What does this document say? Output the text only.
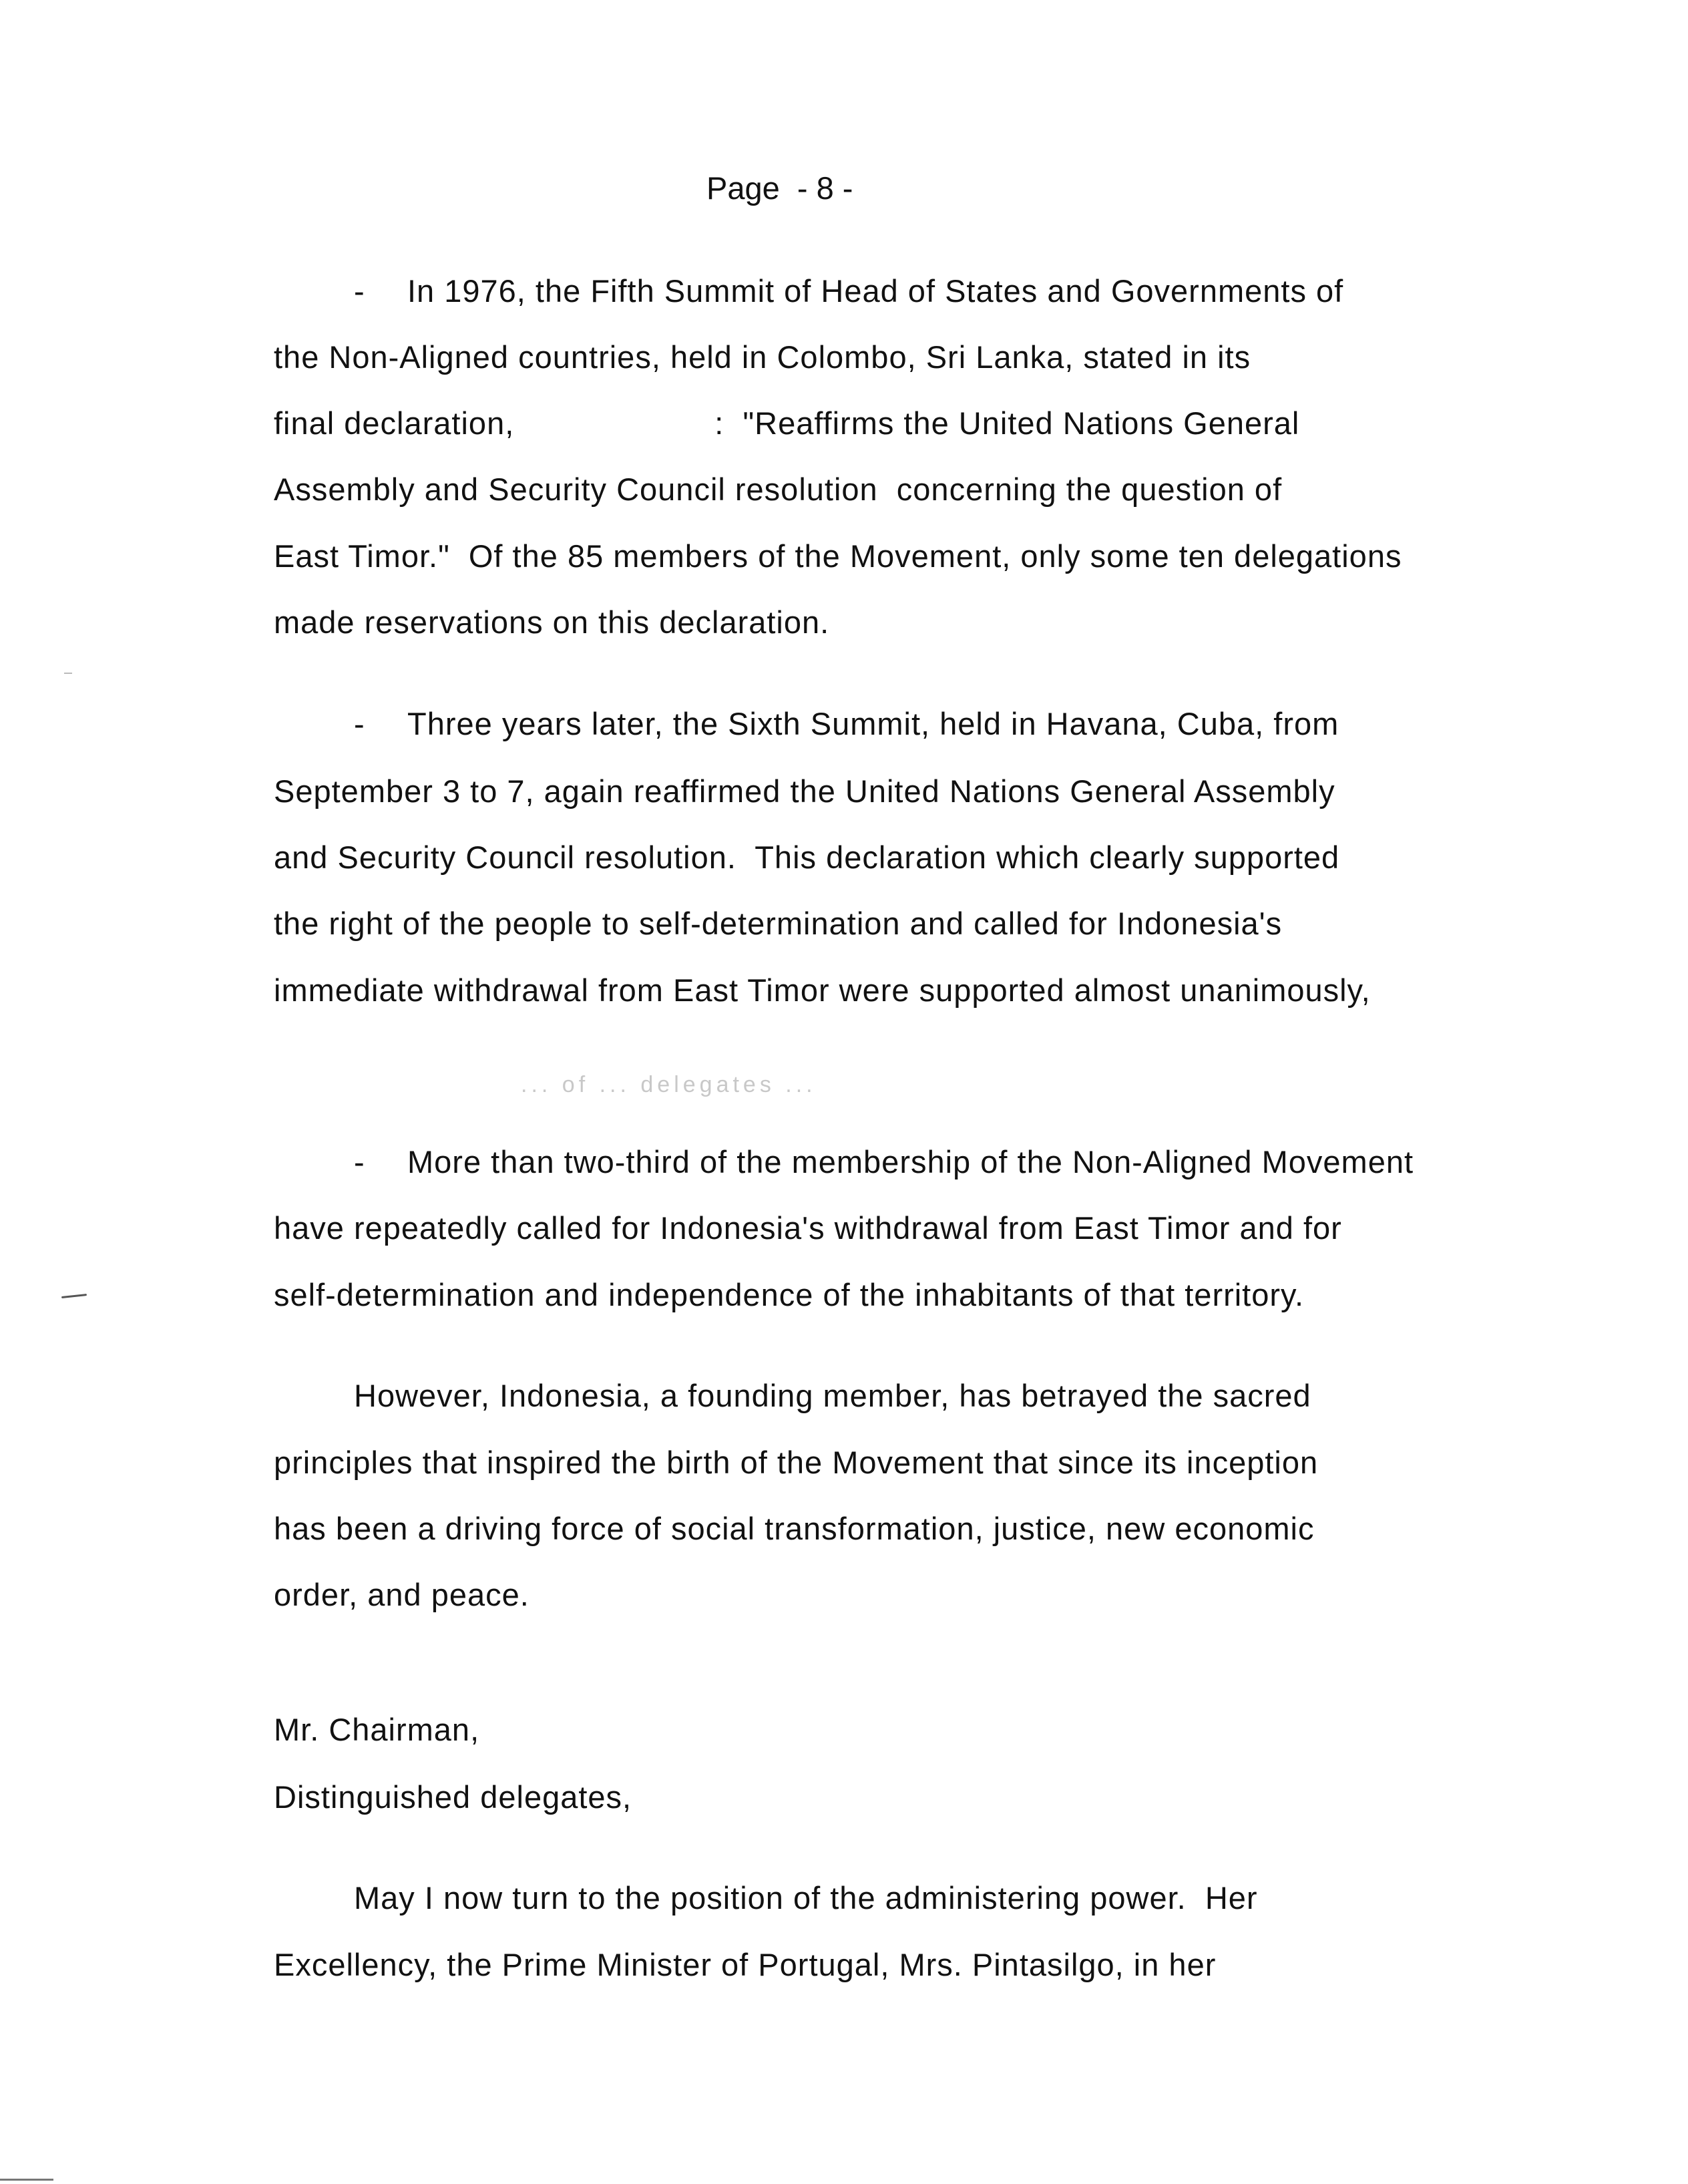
Page  - 8 -
- In 1976, the Fifth Summit of Head of States and Governments of
the Non-Aligned countries, held in Colombo, Sri Lanka, stated in its
final declaration,	:  "Reaffirms the United Nations General
Assembly and Security Council resolution  concerning the question of
East Timor."  Of the 85 members of the Movement, only some ten delegations
made reservations on this declaration.
- Three years later, the Sixth Summit, held in Havana, Cuba, from
September 3 to 7, again reaffirmed the United Nations General Assembly
and Security Council resolution.  This declaration which clearly supported
the right of the people to self-determination and called for Indonesia's
immediate withdrawal from East Timor were supported almost unanimously,
... of ... delegates ...
- More than two-third of the membership of the Non-Aligned Movement
have repeatedly called for Indonesia's withdrawal from East Timor and for
self-determination and independence of the inhabitants of that territory.
However, Indonesia, a founding member, has betrayed the sacred
principles that inspired the birth of the Movement that since its inception
has been a driving force of social transformation, justice, new economic
order, and peace.
Mr. Chairman,
Distinguished delegates,
May I now turn to the position of the administering power.  Her
Excellency, the Prime Minister of Portugal, Mrs. Pintasilgo, in her
